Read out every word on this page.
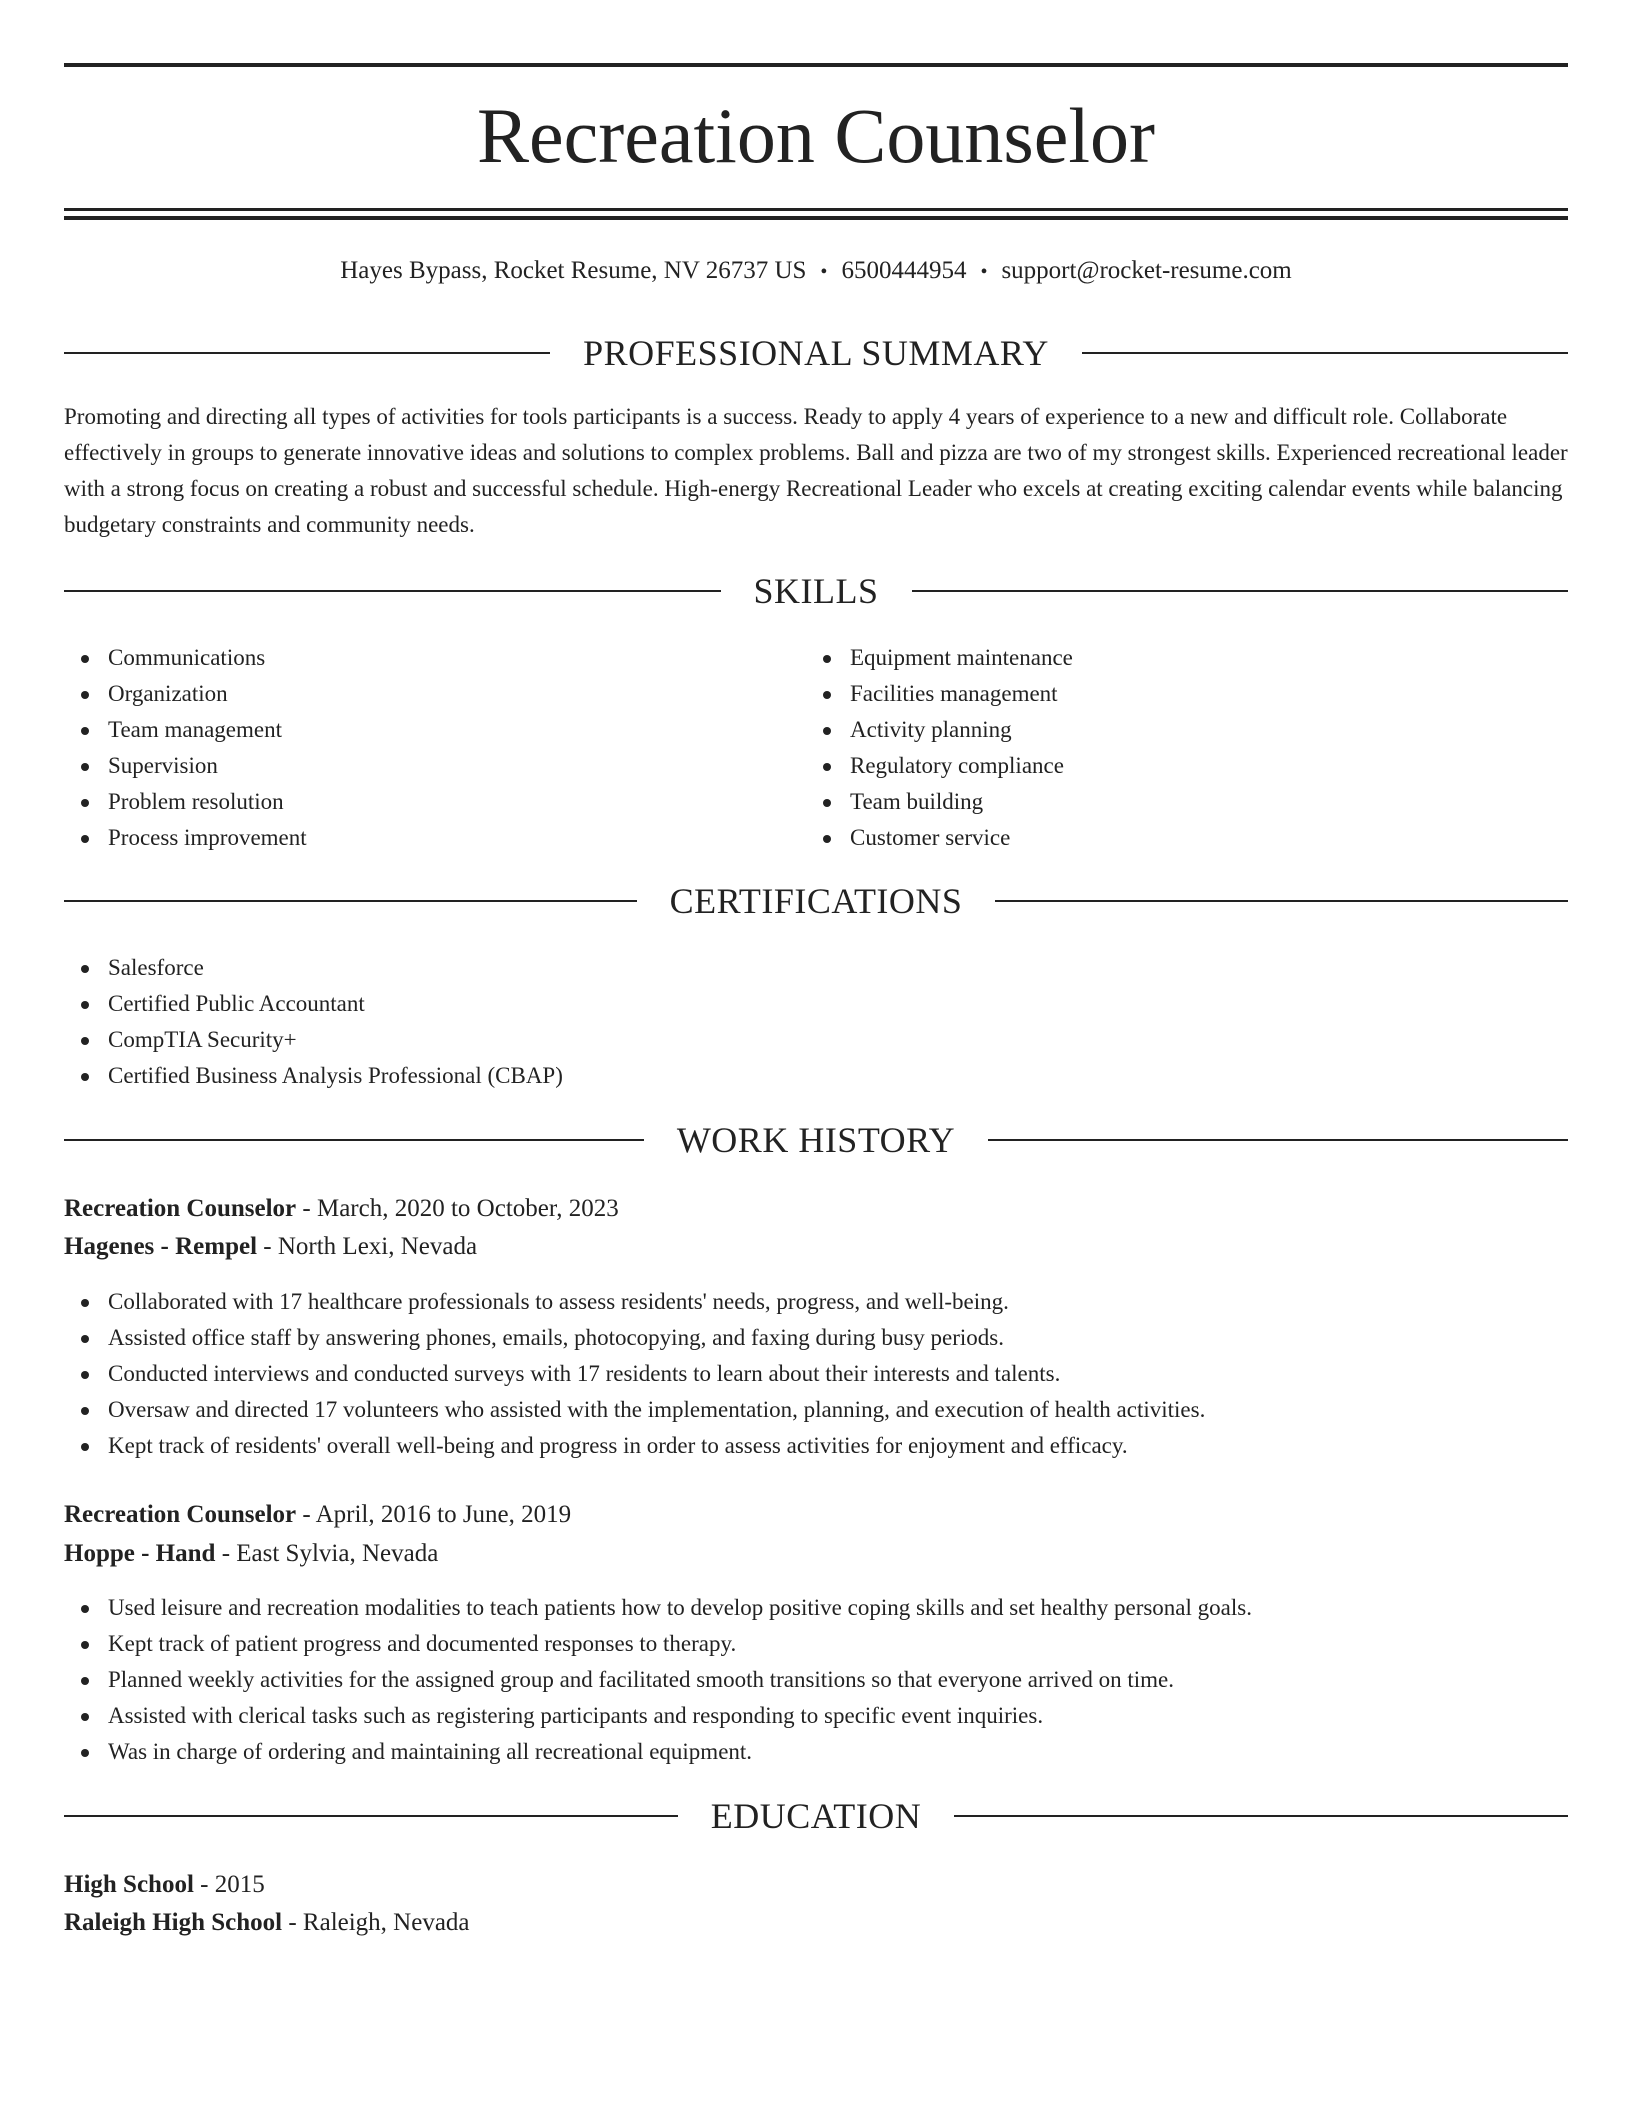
Recreation Counselor
Hayes Bypass, Rocket Resume, NV 26737 US • 6500444954 • support@rocket-resume.com
PROFESSIONAL SUMMARY

Promoting and directing all types of activities for tools participants is a success. Ready to apply 4 years of experience to a new and difficult role. Collaborate effectively in groups to generate innovative ideas and solutions to complex problems. Ball and pizza are two of my strongest skills. Experienced recreational leader with a strong focus on creating a robust and successful schedule. High-energy Recreational Leader who excels at creating exciting calendar events while balancing budgetary constraints and community needs.

SKILLS
Communications
Organization
Team management
Supervision
Problem resolution
Process improvement
Equipment maintenance
Facilities management
Activity planning
Regulatory compliance
Team building
Customer service
CERTIFICATIONS
Salesforce
Certified Public Accountant
CompTIA Security+
Certified Business Analysis Professional (CBAP)
WORK HISTORY
Recreation Counselor - March, 2020 to October, 2023
Hagenes - Rempel - North Lexi, Nevada
Collaborated with 17 healthcare professionals to assess residents' needs, progress, and well-being.
Assisted office staff by answering phones, emails, photocopying, and faxing during busy periods.
Conducted interviews and conducted surveys with 17 residents to learn about their interests and talents.
Oversaw and directed 17 volunteers who assisted with the implementation, planning, and execution of health activities.
Kept track of residents' overall well-being and progress in order to assess activities for enjoyment and efficacy.
Recreation Counselor - April, 2016 to June, 2019
Hoppe - Hand - East Sylvia, Nevada
Used leisure and recreation modalities to teach patients how to develop positive coping skills and set healthy personal goals.
Kept track of patient progress and documented responses to therapy.
Planned weekly activities for the assigned group and facilitated smooth transitions so that everyone arrived on time.
Assisted with clerical tasks such as registering participants and responding to specific event inquiries.
Was in charge of ordering and maintaining all recreational equipment.
EDUCATION
High School - 2015
Raleigh High School - Raleigh, Nevada
